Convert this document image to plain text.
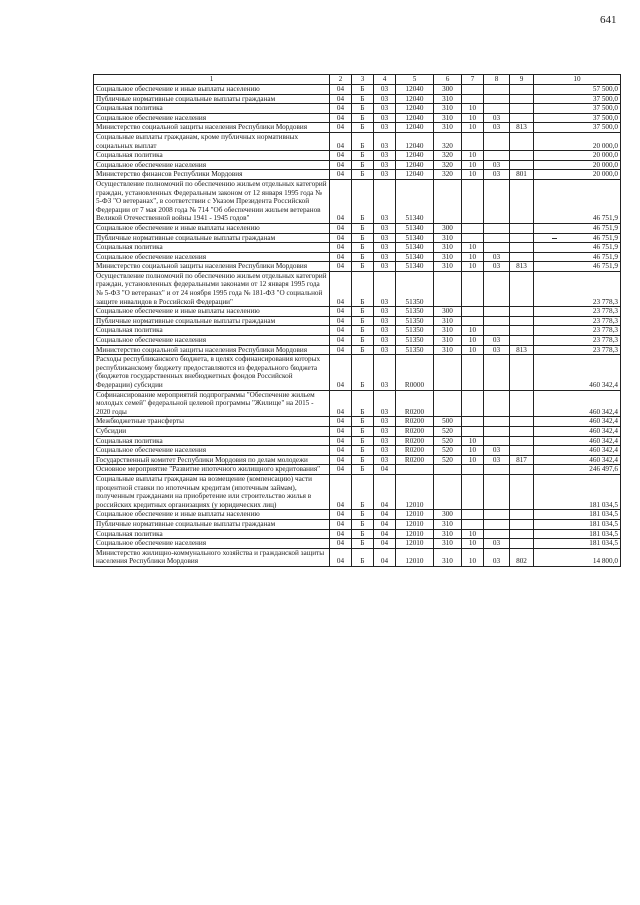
641
1	2	3	4	5	6	7	8	9	10
Социальное обеспечение и иные выплаты населению	04	Б	03	12040	300				57 500,0
Публичные нормативные социальные выплаты гражданам	04	Б	03	12040	310				37 500,0
Социальная политика	04	Б	03	12040	310	10			37 500,0
Социальное обеспечение населения	04	Б	03	12040	310	10	03		37 500,0
Министерство социальной защиты населения Республики Мордовия	04	Б	03	12040	310	10	03	813	37 500,0
Социальные выплаты гражданам, кроме публичных нормативных социальных выплат	04	Б	03	12040	320				20 000,0
Социальная политика	04	Б	03	12040	320	10			20 000,0
Социальное обеспечение населения	04	Б	03	12040	320	10	03		20 000,0
Министерство финансов Республики Мордовия	04	Б	03	12040	320	10	03	801	20 000,0
Осуществление полномочий по обеспечению жильем отдельных категорий граждан, установленных Федеральным законом от 12 января 1995 года № 5-ФЗ "О ветеранах", в соответствии с Указом Президента Российской Федерации от 7 мая 2008 года № 714 "Об обеспечении жильем ветеранов Великой Отечественной войны 1941 - 1945 годов"	04	Б	03	51340					46 751,9
Социальное обеспечение и иные выплаты населению	04	Б	03	51340	300				46 751,9
Публичные нормативные социальные выплаты гражданам	04	Б	03	51340	310				46 751,9
Социальная политика	04	Б	03	51340	310	10			46 751,9
Социальное обеспечение населения	04	Б	03	51340	310	10	03		46 751,9
Министерство социальной защиты населения Республики Мордовия	04	Б	03	51340	310	10	03	813	46 751,9
Осуществление полномочий по обеспечению жильем отдельных категорий граждан, установленных федеральными законами от 12 января 1995 года № 5-ФЗ "О ветеранах" и от 24 ноября 1995 года № 181-ФЗ "О социальной защите инвалидов в Российской Федерации"	04	Б	03	51350					23 778,3
Социальное обеспечение и иные выплаты населению	04	Б	03	51350	300				23 778,3
Публичные нормативные социальные выплаты гражданам	04	Б	03	51350	310				23 778,3
Социальная политика	04	Б	03	51350	310	10			23 778,3
Социальное обеспечение населения	04	Б	03	51350	310	10	03		23 778,3
Министерство социальной защиты населения Республики Мордовия	04	Б	03	51350	310	10	03	813	23 778,3
Расходы республиканского бюджета, в целях софинансирования которых республиканскому бюджету предоставляются из федерального бюджета (бюджетов государственных внебюджетных фондов Российской Федерации) субсидии	04	Б	03	R0000					460 342,4
Софинансирование мероприятий подпрограммы "Обеспечение жильем молодых семей" федеральной целевой программы "Жилище" на 2015 - 2020 годы	04	Б	03	R0200					460 342,4
Межбюджетные трансферты	04	Б	03	R0200	500				460 342,4
Субсидии	04	Б	03	R0200	520				460 342,4
Социальная политика	04	Б	03	R0200	520	10			460 342,4
Социальное обеспечение населения	04	Б	03	R0200	520	10	03		460 342,4
Государственный комитет Республики Мордовия по делам молодежи	04	Б	03	R0200	520	10	03	817	460 342,4
Основное мероприятие "Развитие ипотечного жилищного кредитования"	04	Б	04						246 497,6
Социальные выплаты гражданам на возмещение (компенсацию) части процентной ставки по ипотечным кредитам (ипотечным займам), полученным гражданами на приобретение или строительство жилья в российских кредитных организациях (у юридических лиц)	04	Б	04	12010					181 034,5
Социальное обеспечение и иные выплаты населению	04	Б	04	12010	300				181 034,5
Публичные нормативные социальные выплаты гражданам	04	Б	04	12010	310				181 034,5
Социальная политика	04	Б	04	12010	310	10			181 034,5
Социальное обеспечение населения	04	Б	04	12010	310	10	03		181 034,5
Министерство жилищно-коммунального хозяйства и гражданской защиты населения Республики Мордовия	04	Б	04	12010	310	10	03	802	14 800,0
